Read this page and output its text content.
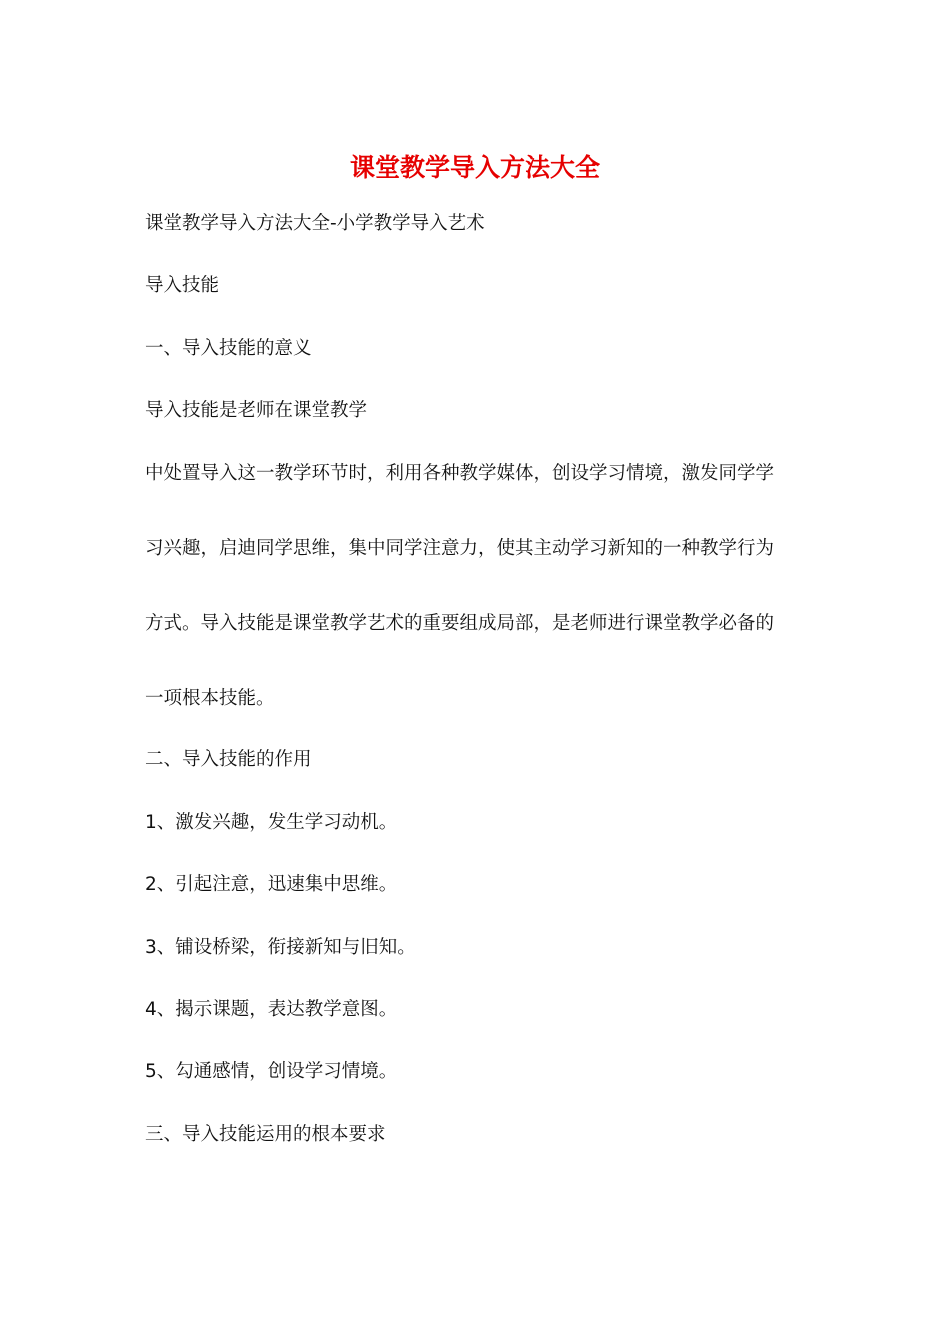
课堂教学导入方法大全
课堂教学导入方法大全-小学教学导入艺术
导入技能
一、导入技能的意义
导入技能是老师在课堂教学
中处置导入这一教学环节时，利用各种教学媒体，创设学习情境，激发同学学
习兴趣，启迪同学思维，集中同学注意力，使其主动学习新知的一种教学行为
方式。导入技能是课堂教学艺术的重要组成局部，是老师进行课堂教学必备的
一项根本技能。
二、导入技能的作用
1、激发兴趣，发生学习动机。
2、引起注意，迅速集中思维。
3、铺设桥梁，衔接新知与旧知。
4、揭示课题，表达教学意图。
5、勾通感情，创设学习情境。
三、导入技能运用的根本要求
